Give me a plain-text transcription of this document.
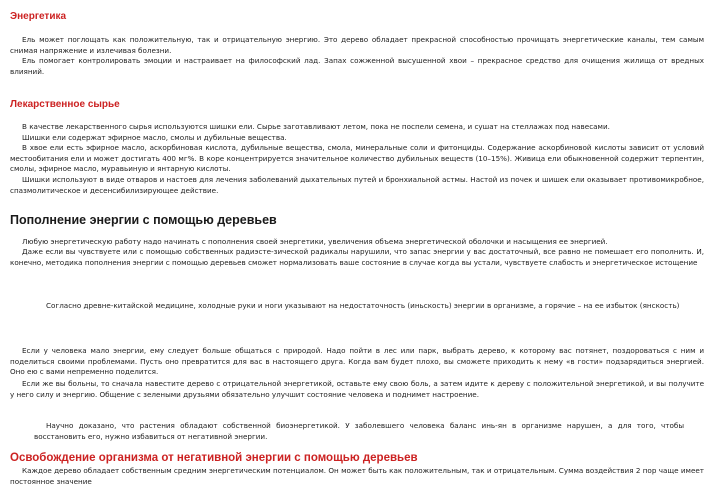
Энергетика

Ель может поглощать как положительную, так и отрицательную энергию. Это дерево обладает прекрасной способностью прочищать энергетические каналы, тем самым снимая напряжение и излечивая болезни.

Ель помогает контролировать эмоции и настраивает на философский лад. Запах сожженной высушенной хвои – прекрасное средство для очищения жилища от вредных влияний.

Лекарственное сырье

В качестве лекарственного сырья используются шишки ели. Сырье заготавливают летом, пока не поспели семена, и сушат на стеллажах под навесами.

Шишки ели содержат эфирное масло, смолы и дубильные вещества.

В хвое ели есть эфирное масло, аскорбиновая кислота, дубильные вещества, смола, минеральные соли и фитонциды. Содержание аскорбиновой кислоты зависит от условий местообитания ели и может достигать 400 мг%. В коре концентрируется значительное количество дубильных веществ (10–15%). Живица ели обыкновенной содержит терпентин, смолы, эфирное масло, муравьиную и янтарную кислоты.

Шишки используют в виде отваров и настоев для лечения заболеваний дыхательных путей и бронхиальной астмы. Настой из почек и шишек ели оказывает противомикробное, спазмолитическое и десенсибилизирующее действие.

Пополнение энергии с помощью деревьев

Любую энергетическую работу надо начинать с пополнения своей энергетики, увеличения объема энергетической оболочки и насыщения ее энергией.

Даже если вы чувствуете или с помощью собственных радиэсте-зической радикалы нарушили, что запас энергии у вас достаточный, все равно не помешает его пополнить. И, конечно, методика пополнения энергии с помощью деревьев сможет нормализовать ваше состояние в случае когда вы устали, чувствуете слабость и энергетическое истощение

Согласно древне-китайской медицине, холодные руки и ноги указывают на недостаточность (иньскость) энергии в организме, а горячие – на ее избыток (янскость)

Если у человека мало энергии, ему следует больше общаться с природой. Надо пойти в лес или парк, выбрать дерево, к которому вас потянет, поздороваться с ним и поделиться своими проблемами. Пусть оно превратится для вас в настоящего друга. Когда вам будет плохо, вы сможете приходить к нему «в гости» подзарядиться энергией. Оно ею с вами непременно поделится.

Если же вы больны, то сначала навестите дерево с отрицательной энергетикой, оставьте ему свою боль, а затем идите к дереву с положительной энергетикой, и вы получите у него силу и энергию. Общение с зелеными друзьями обязательно улучшит состояние человека и поднимет настроение.

Научно доказано, что растения обладают собственной биоэнергетикой. У заболевшего человека баланс инь-ян в организме нарушен, а для того, чтобы восстановить его, нужно избавиться от негативной энергии.

Освобождение организма от негативной энергии с помощью деревьев

Каждое дерево обладает собственным средним энергетическим потенциалом. Он может быть как положительным, так и отрицательным. Сумма воздействия 2 пор чаще имеет постоянное значение
